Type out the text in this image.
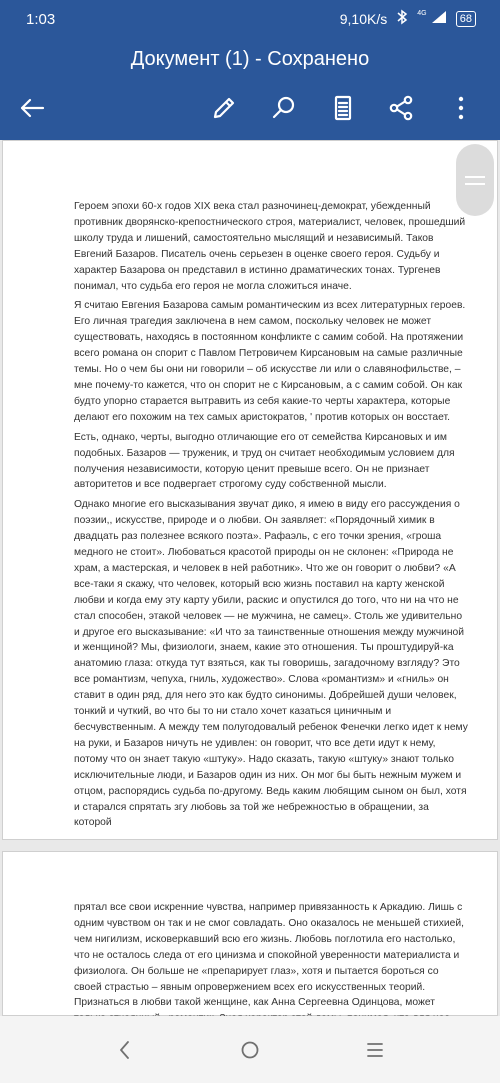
1:03	9,10K/s	$^{4G}$	68
Документ (1) - Сохранено

Героем эпохи 60-х годов XIX века стал разночинец-демократ, убежденный противник дворянско-крепостнического строя, материалист, человек, прошедший школу труда и лишений, самостоятельно мыслящий и независимый. Таков Евгений Базаров. Писатель очень серьезен в оценке своего героя. Судьбу и характер Базарова он представил в истинно драматических тонах. Тургенев понимал, что судьба его героя не могла сложиться иначе.

Я считаю Евгения Базарова самым романтическим из всех литературных героев. Его личная трагедия заключена в нем самом, поскольку человек не может существовать, находясь в постоянном конфликте с самим собой. На протяжении всего романа он спорит с Павлом Петровичем Кирсановым на самые различные темы. Но о чем бы они ни говорили – об искусстве ли или о славянофильстве, – мне почему-то кажется, что он спорит не с Кирсановым, а с самим собой. Он как будто упорно старается вытравить из себя какие-то черты характера, которые делают его похожим на тех самых аристократов, ' против которых он восстает.

Есть, однако, черты, выгодно отличающие его от семейства Кирсановых и им подобных. Базаров — труженик, и труд он считает необходимым условием для получения независимости, которую ценит превыше всего. Он не признает авторитетов и все подвергает строгому суду собственной мысли.

Однако многие его высказывания звучат дико, я имею в виду его рассуждения о поэзии,, искусстве, природе и о любви. Он заявляет: «Порядочный химик в двадцать раз полезнее всякого поэта». Рафаэль, с его точки зрения, «гроша медного не стоит». Любоваться красотой природы он не склонен: «Природа не храм, а мастерская, и человек в ней работник». Что же он говорит о любви? «А все-таки я скажу, что человек, который всю жизнь поставил на карту женской любви и когда ему эту карту убили, раскис и опустился до того, что ни на что не стал способен, этакой человек — не мужчина, не самец». Столь же удивительно и другое его высказывание: «И что за таинственные отношения между мужчиной и женщиной? Мы, физиологи, знаем, какие это отношения. Ты проштудируй-ка анатомию глаза: откуда тут взяться, как ты говоришь, загадочному взгляду? Это все романтизм, чепуха, гниль, художество». Слова «романтизм» и «гниль» он ставит в один ряд, для него это как будто синонимы. Добрейшей души человек, тонкий и чуткий, во что бы то ни стало хочет казаться циничным и бесчувственным. А между тем полугодовалый ребенок Фенечки легко идет к нему на руки, и Базаров ничуть не удивлен: он говорит, что все дети идут к нему, потому что он знает такую «штуку». Надо сказать, такую «штуку» знают только исключительные люди, и Базаров один из них. Он мог бы быть нежным мужем и отцом, распорядись судьба по-другому. Ведь каким любящим сыном он был, хотя и старался спрятать згу любовь за той же небрежностью в обращении, за которой

прятал все свои искренние чувства, например привязанность к Аркадию. Лишь с одним чувством он так и не смог совладать. Оно оказалось не меньшей стихией, чем нигилизм, исковеркавший всю его жизнь. Любовь поглотила его настолько, что не осталось следа от его цинизма и спокойной уверенности материалиста и физиолога. Он больше не «препарирует глаз», хотя и пытается бороться со своей страстью – явным опровержением всех его искусственных теорий. Признаться в любви такой женщине, как Анна Сергеевна Одинцова, может
